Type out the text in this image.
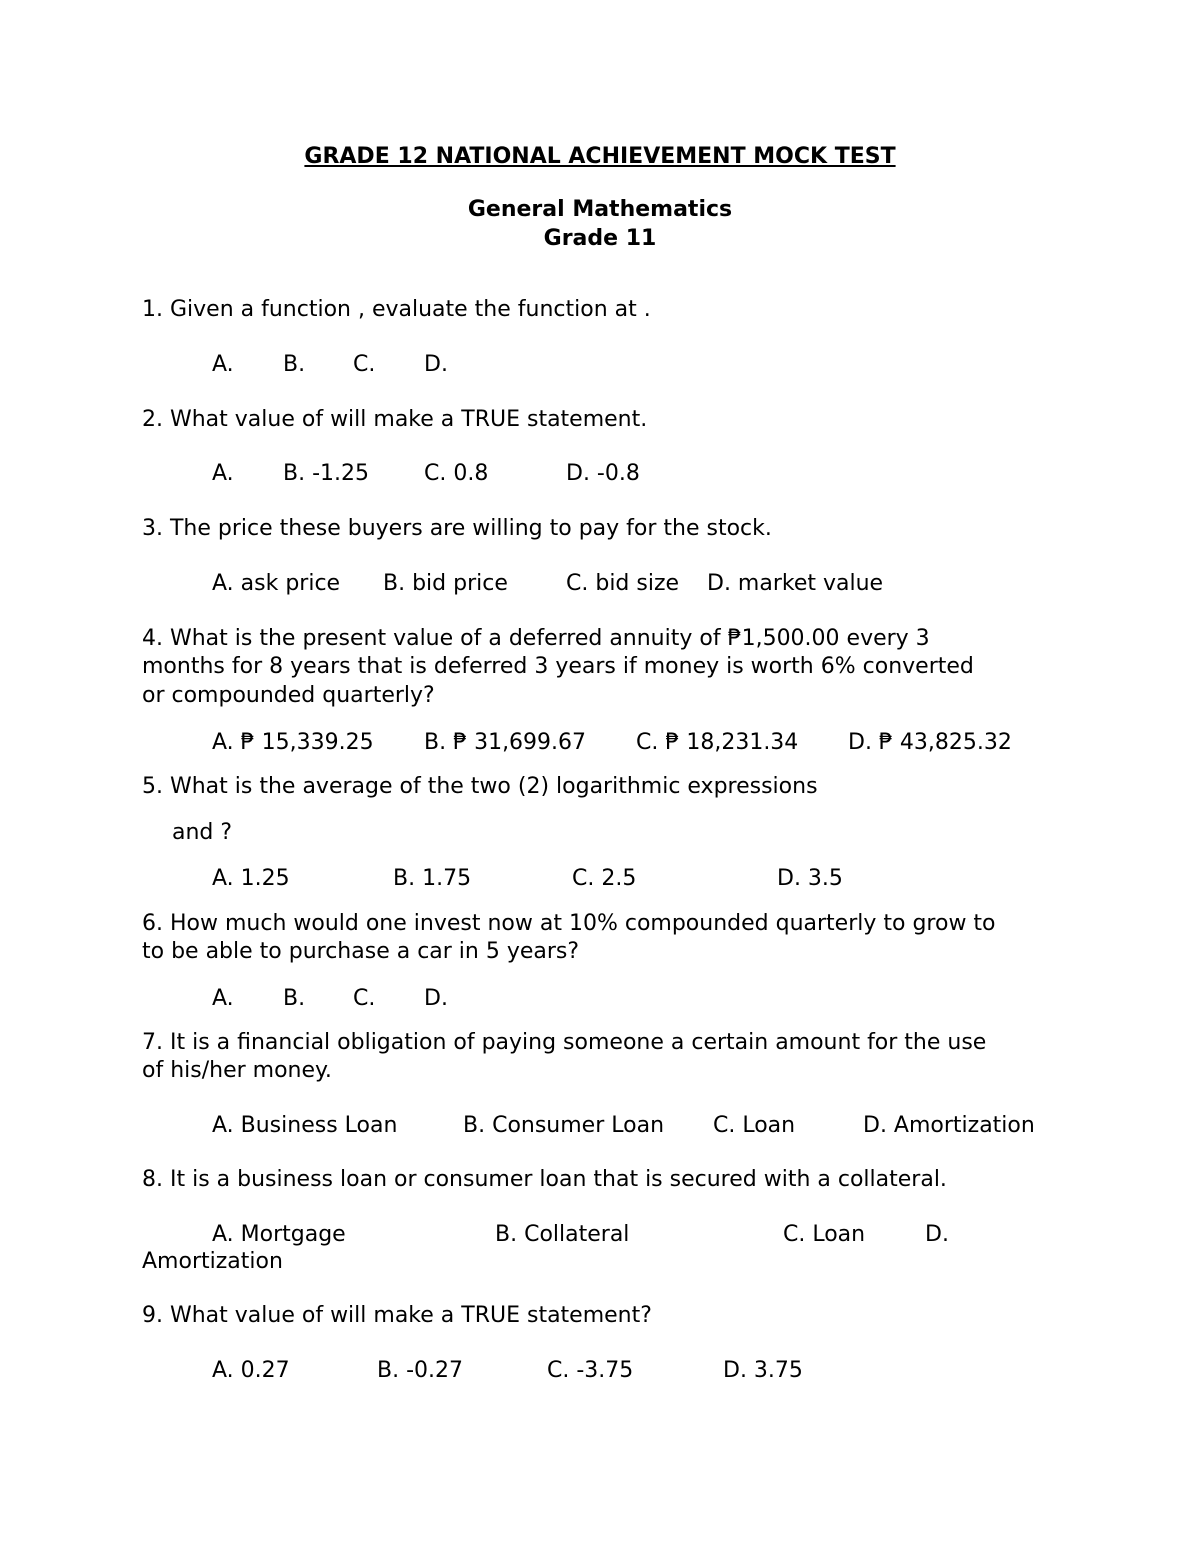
GRADE 12 NATIONAL ACHIEVEMENT MOCK TEST
General Mathematics
Grade 11
1. Given a function , evaluate the function at .
A. B. C. D.
2. What value of will make a TRUE statement.
A. B. -1.25 C. 0.8	D. -0.8
3. The price these buyers are willing to pay for the stock.
A. ask price B. bid price	C. bid size D. market value
4. What is the present value of a deferred annuity of ₱1,500.00 every 3
months for 8 years that is deferred 3 years if money is worth 6% converted
or compounded quarterly?
A. ₱ 15,339.25 B. ₱ 31,699.67 C. ₱ 18,231.34 D. ₱ 43,825.32
5. What is the average of the two (2) logarithmic expressions
and ?
A. 1.25	B. 1.75	C. 2.5	D. 3.5
6. How much would one invest now at 10% compounded quarterly to grow to
to be able to purchase a car in 5 years?
A. B. C. D.
7. It is a financial obligation of paying someone a certain amount for the use
of his/her money.
A. Business Loan	B. Consumer Loan C. Loan	D. Amortization
8. It is a business loan or consumer loan that is secured with a collateral.
A. Mortgage	B. Collateral	C. Loan	D.
Amortization
9. What value of will make a TRUE statement?
A. 0.27	B. -0.27	C. -3.75	D. 3.75
